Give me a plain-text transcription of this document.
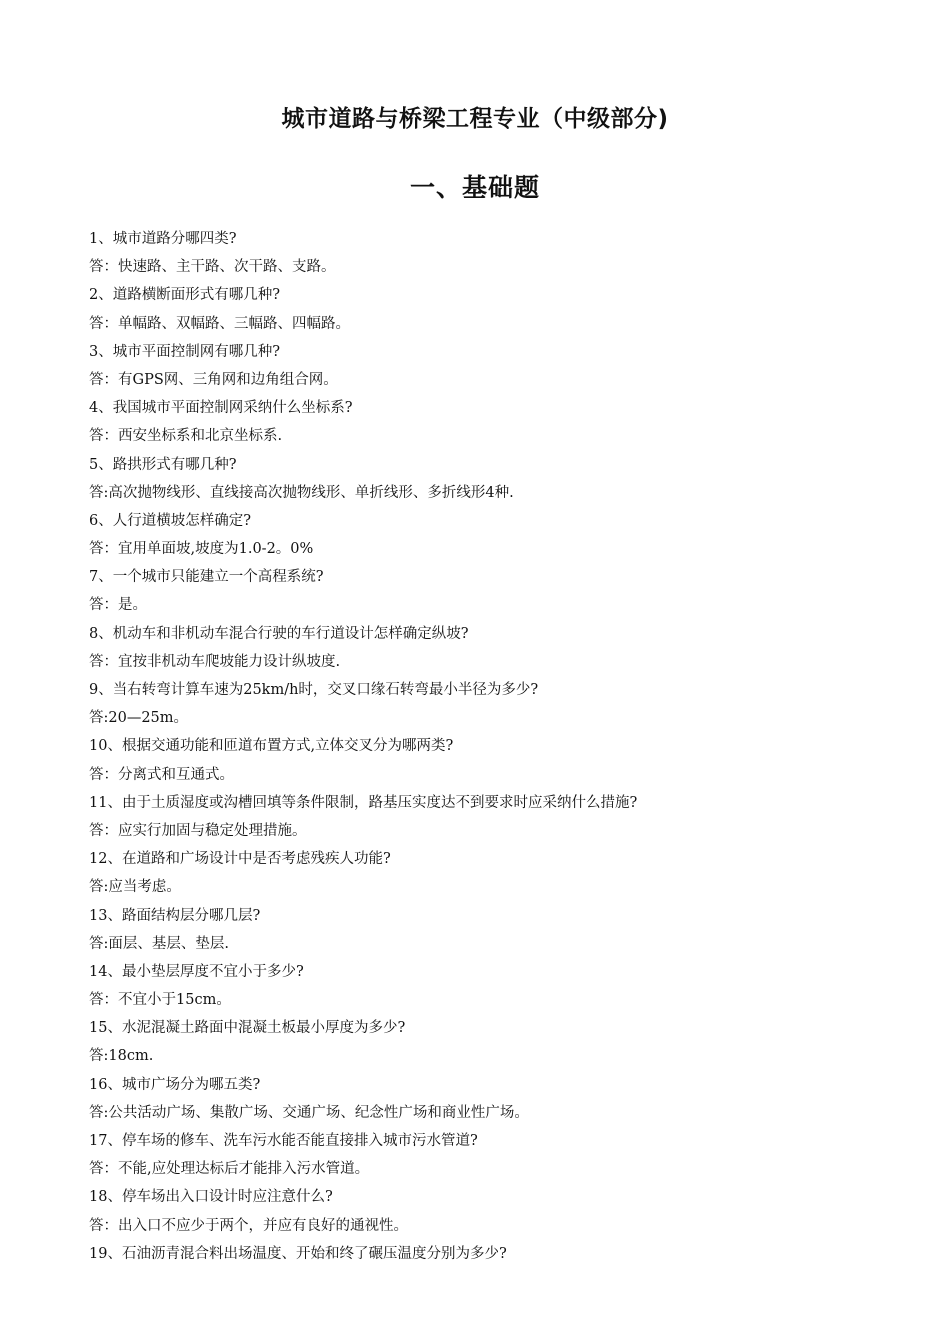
城市道路与桥梁工程专业（中级部分)
一、基础题

1、城市道路分哪四类?

答：快速路、主干路、次干路、支路。

2、道路横断面形式有哪几种?

答：单幅路、双幅路、三幅路、四幅路。

3、城市平面控制网有哪几种?

答：有GPS网、三角网和边角组合网。

4、我国城市平面控制网采纳什么坐标系?

答：西安坐标系和北京坐标系.

5、路拱形式有哪几种?

答:高次抛物线形、直线接高次抛物线形、单折线形、多折线形4种.

6、人行道横坡怎样确定?

答：宜用单面坡,坡度为1.0-2。0%

7、一个城市只能建立一个高程系统?

答：是。

8、机动车和非机动车混合行驶的车行道设计怎样确定纵坡?

答：宜按非机动车爬坡能力设计纵坡度.

9、当右转弯计算车速为25km/h时，交叉口缘石转弯最小半径为多少?

答:20—25m。

10、根据交通功能和匝道布置方式,立体交叉分为哪两类?

答：分离式和互通式。

11、由于土质湿度或沟槽回填等条件限制，路基压实度达不到要求时应采纳什么措施?

答：应实行加固与稳定处理措施。

12、在道路和广场设计中是否考虑残疾人功能?

答:应当考虑。

13、路面结构层分哪几层?

答:面层、基层、垫层.

14、最小垫层厚度不宜小于多少?

答：不宜小于15cm。

15、水泥混凝土路面中混凝土板最小厚度为多少?

答:18cm.

16、城市广场分为哪五类?

答:公共活动广场、集散广场、交通广场、纪念性广场和商业性广场。

17、停车场的修车、洗车污水能否能直接排入城市污水管道?

答：不能,应处理达标后才能排入污水管道。

18、停车场出入口设计时应注意什么?

答：出入口不应少于两个，并应有良好的通视性。

19、石油沥青混合料出场温度、开始和终了碾压温度分别为多少?
